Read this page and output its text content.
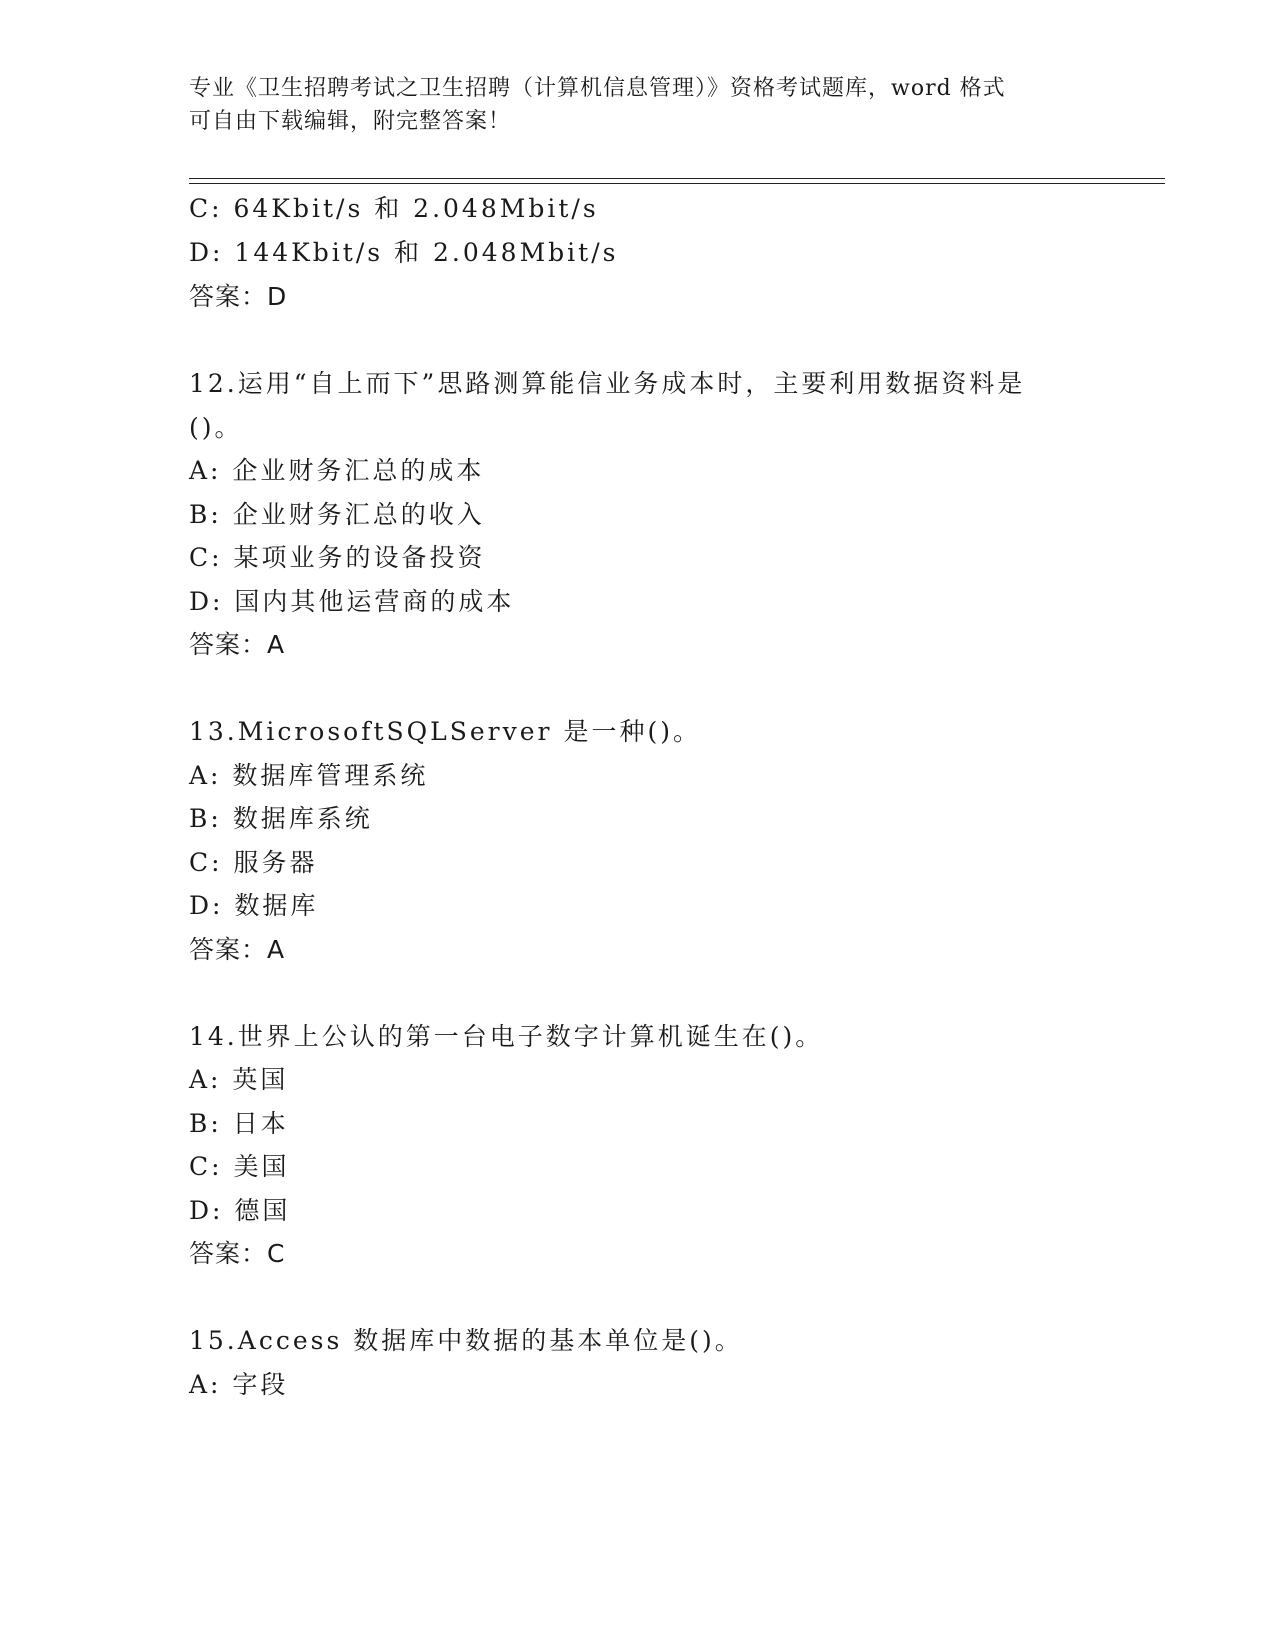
专业《卫生招聘考试之卫生招聘（计算机信息管理）》资格考试题库，word 格式
可自由下载编辑，附完整答案！
C: 64Kbit/s 和 2.048Mbit/s
D: 144Kbit/s 和 2.048Mbit/s
答案：D
12.运用“自上而下”思路测算能信业务成本时，主要利用数据资料是
()。
A: 企业财务汇总的成本
B: 企业财务汇总的收入
C: 某项业务的设备投资
D: 国内其他运营商的成本
答案：A
13.MicrosoftSQLServer 是一种()。
A: 数据库管理系统
B: 数据库系统
C: 服务器
D: 数据库
答案：A
14.世界上公认的第一台电子数字计算机诞生在()。
A: 英国
B: 日本
C: 美国
D: 德国
答案：C
15.Access 数据库中数据的基本单位是()。
A: 字段
